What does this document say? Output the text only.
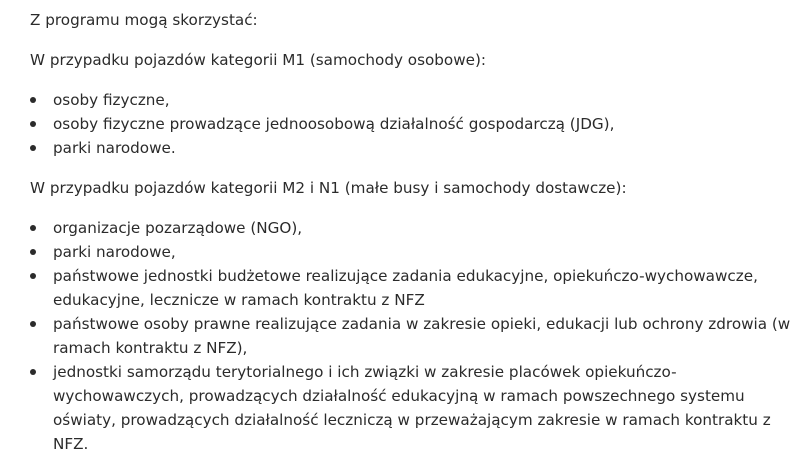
Z programu mogą skorzystać:

W przypadku pojazdów kategorii M1 (samochody osobowe):

osoby fizyczne,
osoby fizyczne prowadzące jednoosobową działalność gospodarczą (JDG),
parki narodowe.

W przypadku pojazdów kategorii M2 i N1 (małe busy i samochody dostawcze):

organizacje pozarządowe (NGO),
parki narodowe,
państwowe jednostki budżetowe realizujące zadania edukacyjne, opiekuńczo-wychowawcze, edukacyjne, lecznicze w ramach kontraktu z NFZ
państwowe osoby prawne realizujące zadania w zakresie opieki, edukacji lub ochrony zdrowia (w ramach kontraktu z NFZ),
jednostki samorządu terytorialnego i ich związki w zakresie placówek opiekuńczo-wychowawczych, prowadzących działalność edukacyjną w ramach powszechnego systemu oświaty, prowadzących działalność leczniczą w przeważającym zakresie w ramach kontraktu z NFZ.
